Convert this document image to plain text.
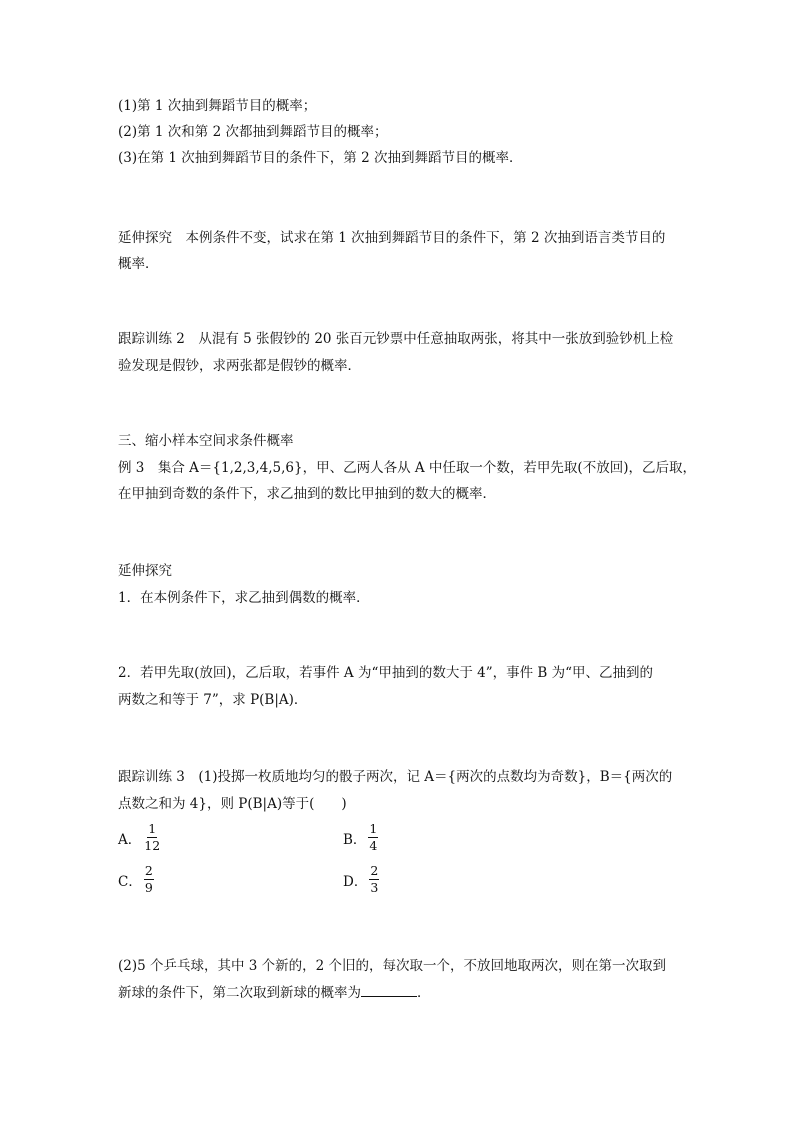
(1)第 1 次抽到舞蹈节目的概率；
(2)第 1 次和第 2 次都抽到舞蹈节目的概率；
(3)在第 1 次抽到舞蹈节目的条件下，第 2 次抽到舞蹈节目的概率．
延伸探究　本例条件不变，试求在第 1 次抽到舞蹈节目的条件下，第 2 次抽到语言类节目的
概率．
跟踪训练 2　从混有 5 张假钞的 20 张百元钞票中任意抽取两张，将其中一张放到验钞机上检
验发现是假钞，求两张都是假钞的概率．
三、缩小样本空间求条件概率
例 3　集合 A＝{1,2,3,4,5,6}，甲、乙两人各从 A 中任取一个数，若甲先取(不放回)，乙后取，
在甲抽到奇数的条件下，求乙抽到的数比甲抽到的数大的概率．
延伸探究
1．在本例条件下，求乙抽到偶数的概率．
2．若甲先取(放回)，乙后取，若事件 A 为“甲抽到的数大于 4”，事件 B 为“甲、乙抽到的
两数之和等于 7”，求 P(B|A)．
跟踪训练 3　(1)投掷一枚质地均匀的骰子两次，记 A＝{两次的点数均为奇数}，B＝{两次的
点数之和为 4}，则 P(B|A)等于(　　)
A． $\frac{1}{12}$	B． $\frac{1}{4}$
C． $\frac{2}{9}$	D． $\frac{2}{3}$
(2)5 个乒乓球，其中 3 个新的，2 个旧的，每次取一个，不放回地取两次，则在第一次取到
新球的条件下，第二次取到新球的概率为	．
